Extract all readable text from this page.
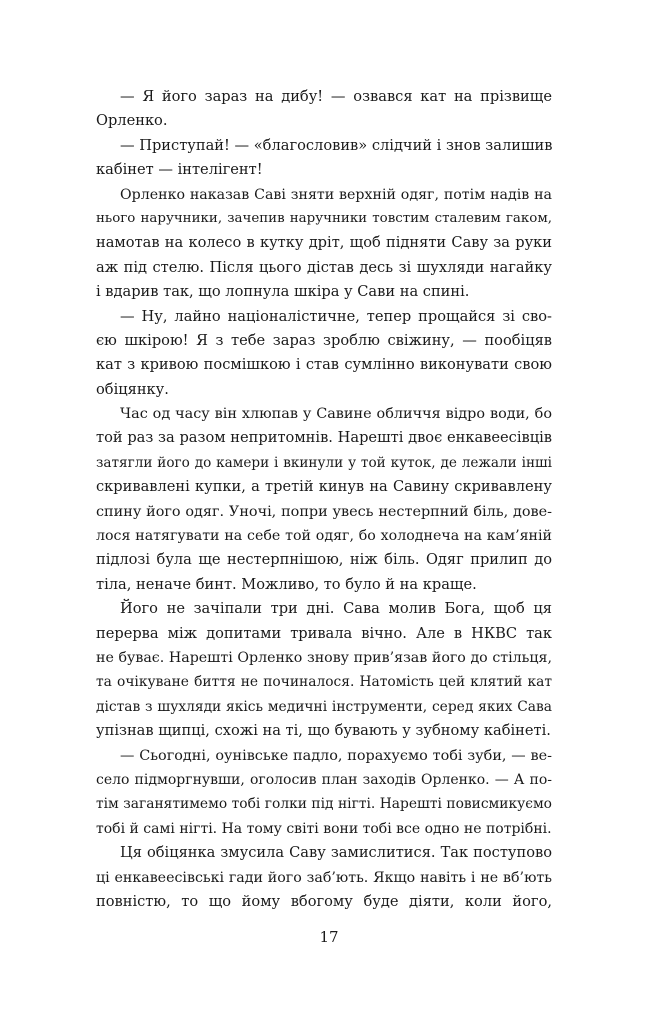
— Я його зараз на дибу! — озвався кат на прізвище
Орленко.
— Приступай! — «благословив» слідчий і знов залишив
кабінет — інтелігент!
Орленко наказав Саві зняти верхній одяг, потім надів на
нього наручники, зачепив наручники товстим сталевим гаком,
намотав на колесо в кутку дріт, щоб підняти Саву за руки
аж під стелю. Після цього дістав десь зі шухляди нагайку
і вдарив так, що лопнула шкіра у Сави на спині.
— Ну, лайно націоналістичне, тепер прощайся зі сво-
єю шкірою! Я з тебе зараз зроблю свіжину, — пообіцяв
кат з кривою посмішкою і став сумлінно виконувати свою
обіцянку.
Час од часу він хлюпав у Савине обличчя відро води, бо
той раз за разом непритомнів. Нарешті двоє енкавеесівців
затягли його до камери і вкинули у той куток, де лежали інші
скривавлені купки, а третій кинув на Савину скривавлену
спину його одяг. Уночі, попри увесь нестерпний біль, дове-
лося натягувати на себе той одяг, бо холоднеча на кам’яній
підлозі була ще нестерпнішою, ніж біль. Одяг прилип до
тіла, неначе бинт. Можливо, то було й на краще.
Його не зачіпали три дні. Сава молив Бога, щоб ця
перерва між допитами тривала вічно. Але в НКВС так
не буває. Нарешті Орленко знову прив’язав його до стільця,
та очікуване биття не починалося. Натомість цей клятий кат
дістав з шухляди якісь медичні інструменти, серед яких Сава
упізнав щипці, схожі на ті, що бувають у зубному кабінеті.
— Сьогодні, оунівське падло, порахуємо тобі зуби, — ве-
село підморгнувши, оголосив план заходів Орленко. — А по-
тім заганятимемо тобі голки під нігті. Нарешті повисмикуємо
тобі й самі нігті. На тому світі вони тобі все одно не потрібні.
Ця обіцянка змусила Саву замислитися. Так поступово
ці енкавеесівські гади його заб’ють. Якщо навіть і не вб’ють
повністю, то що йому вбогому буде діяти, коли його,
17
